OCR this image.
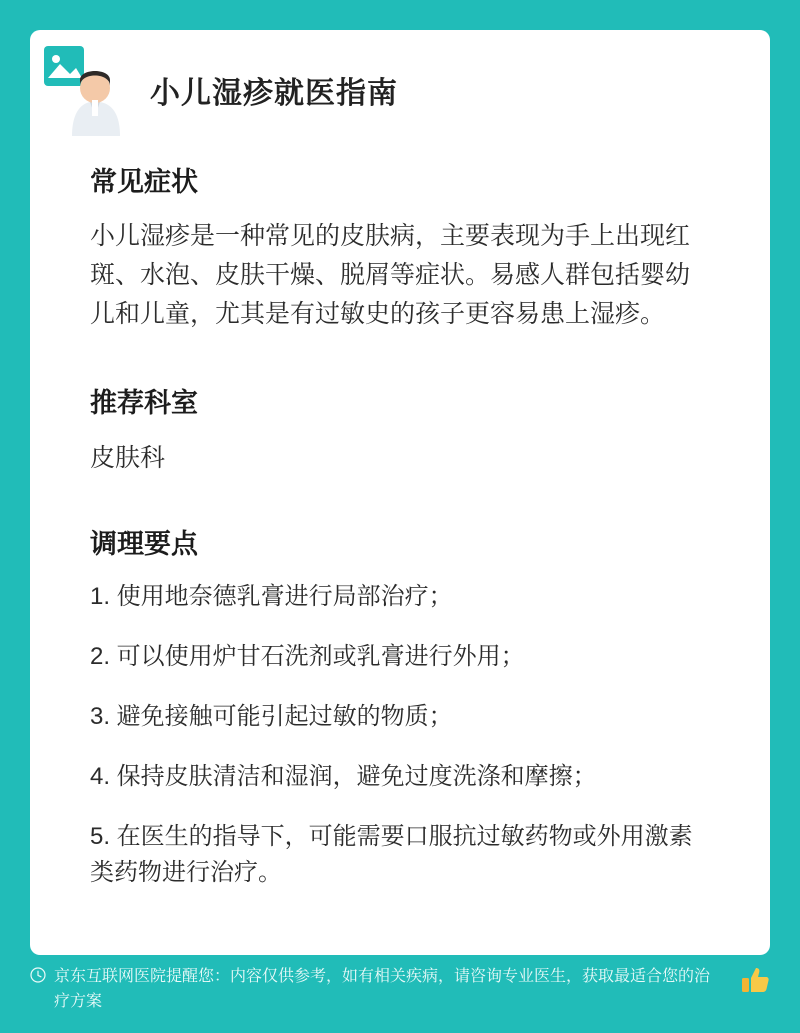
小儿湿疹就医指南
常见症状

小儿湿疹是一种常见的皮肤病，主要表现为手上出现红斑、水泡、皮肤干燥、脱屑等症状。易感人群包括婴幼儿和儿童，尤其是有过敏史的孩子更容易患上湿疹。

推荐科室

皮肤科

调理要点
1. 使用地奈德乳膏进行局部治疗；
2. 可以使用炉甘石洗剂或乳膏进行外用；
3. 避免接触可能引起过敏的物质；
4. 保持皮肤清洁和湿润，避免过度洗涤和摩擦；
5. 在医生的指导下，可能需要口服抗过敏药物或外用激素类药物进行治疗。
京东互联网医院提醒您：内容仅供参考，如有相关疾病，请咨询专业医生，获取最适合您的治疗方案
